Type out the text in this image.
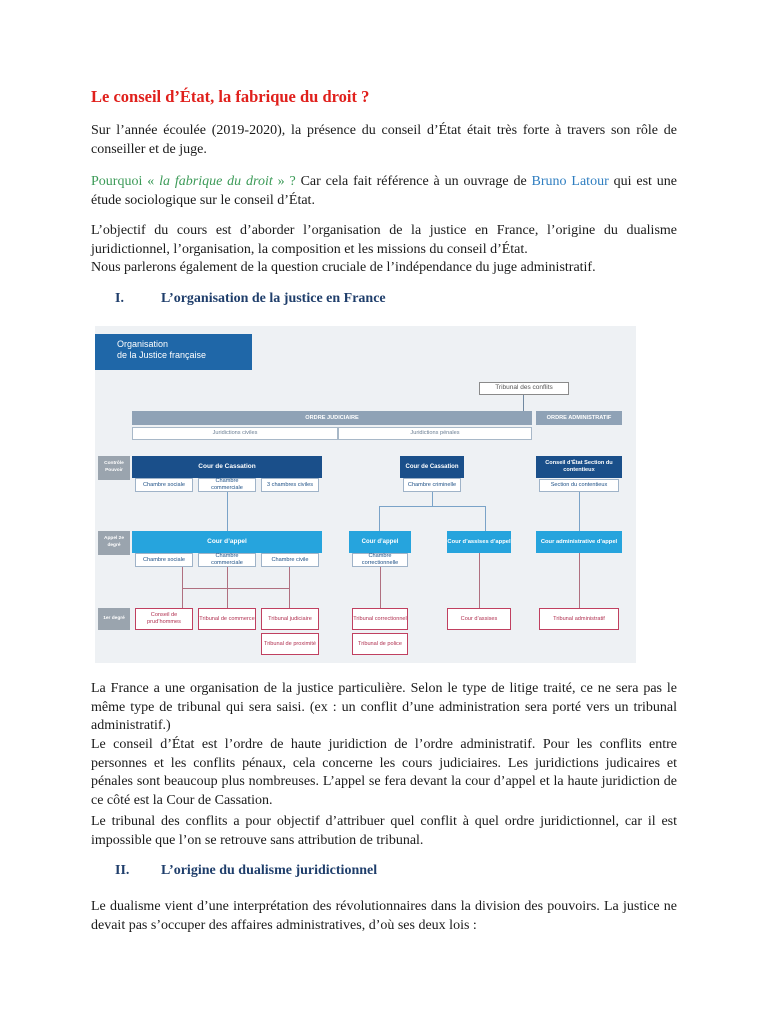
Le conseil d’État, la fabrique du droit ?

Sur l’année écoulée (2019-2020), la présence du conseil d’État était très forte à travers son rôle de conseiller et de juge.

Pourquoi « la fabrique du droit » ? Car cela fait référence à un ouvrage de Bruno Latour qui est une étude sociologique sur le conseil d’État.

L’objectif du cours est d’aborder l’organisation de la justice en France, l’origine du dualisme juridictionnel, l’organisation, la composition et les missions du conseil d’État.

Nous parlerons également de la question cruciale de l’indépendance du juge administratif.

I.	L’organisation de la justice en France

La France a une organisation de la justice particulière. Selon le type de litige traité, ce ne sera pas le même type de tribunal qui sera saisi. (ex : un conflit d’une administration sera porté vers un tribunal administratif.)

Le conseil d’État est l’ordre de haute juridiction de l’ordre administratif. Pour les conflits entre personnes et les conflits pénaux, cela concerne les cours judiciaires. Les juridictions judicaires et pénales sont beaucoup plus nombreuses. L’appel se fera devant la cour d’appel et la haute juridiction de ce côté est la Cour de Cassation.

Le tribunal des conflits a pour objectif d’attribuer quel conflit à quel ordre juridictionnel, car il est impossible que l’on se retrouve sans attribution de tribunal.

II. L’origine du dualisme juridictionnel

Le dualisme vient d’une interprétation des révolutionnaires dans la division des pouvoirs. La justice ne devait pas s’occuper des affaires administratives, d’où ses deux lois :

Organisation
de la Justice française
Tribunal des conflits
ORDRE JUDICIAIRE	ORDRE ADMINISTRATIF
Juridictions civiles	Juridictions pénales
Contrôle Pouvoir
Appel 2e degré
1er degré
Cour de Cassation
Chambre sociale
Chambre commerciale
3 chambres civiles
Cour de Cassation
Chambre criminelle
Conseil d’État Section du contentieux
Section du contentieux
Cour d’appel
Chambre sociale
Chambre commerciale
Chambre civile
Cour d’appel
Chambre correctionnelle
Cour d’assises d’appel	Cour administrative d’appel
Conseil de prud’hommes
Tribunal de commerce	Tribunal judiciaire
Tribunal de proximité
Tribunal correctionnel
Tribunal de police
Cour d’assises	Tribunal administratif
